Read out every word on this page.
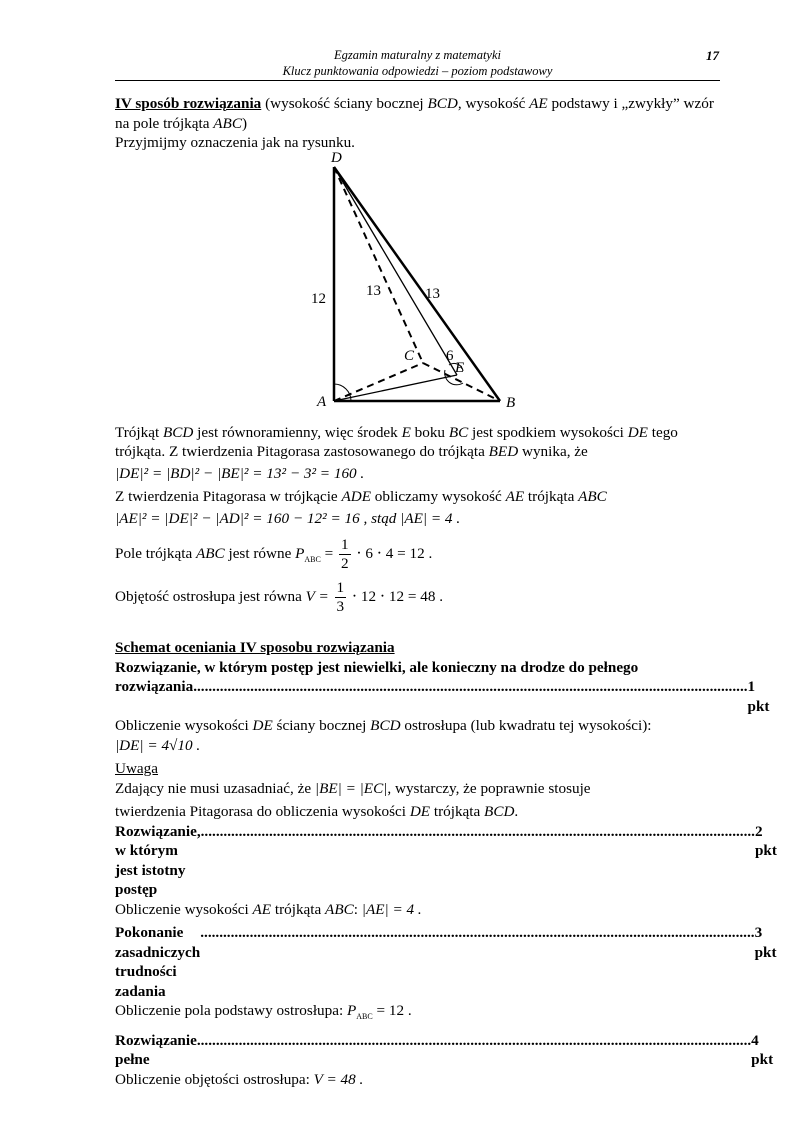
Egzamin maturalny z matematyki
Klucz punktowania odpowiedzi – poziom podstawowy
17
IV sposób rozwiązania (wysokość ściany bocznej BCD, wysokość AE podstawy i „zwykły” wzór na pole trójkąta ABC)
Przyjmijmy oznaczenia jak na rysunku.
D
A	B
C
E
12	13	13
6
Trójkąt BCD jest równoramienny, więc środek E boku BC jest spodkiem wysokości DE tego trójkąta. Z twierdzenia Pitagorasa zastosowanego do trójkąta BED wynika, że
|DE|² = |BD|² − |BE|² = 13² − 3² = 160 .
Z twierdzenia Pitagorasa w trójkącie ADE obliczamy wysokość AE trójkąta ABC
|AE|² = |DE|² − |AD|² = 160 − 12² = 16 , stąd |AE| = 4 .
Pole trójkąta ABC jest równe $P_{ABC} = \frac{1}{2} \cdot 6 \cdot 4 = 12$ .
Objętość ostrosłupa jest równa $V = \frac{1}{3} \cdot 12 \cdot 12 = 48$ .
Schemat oceniania IV sposobu rozwiązania
Rozwiązanie, w którym postęp jest niewielki, ale konieczny na drodze do pełnego
rozwiązania .................................................................................................................................................. 1 pkt
Obliczenie wysokości DE ściany bocznej BCD ostrosłupa (lub kwadratu tej wysokości):
|DE| = 4√10 .
Uwaga
Zdający nie musi uzasadniać, że |BE| = |EC|, wystarczy, że poprawnie stosuje
twierdzenia Pitagorasa do obliczenia wysokości DE trójkąta BCD.
Rozwiązanie, w którym jest istotny postęp
.................................................................................................................................................. 2 pkt
Obliczenie wysokości AE trójkąta ABC: |AE| = 4 .
Pokonanie zasadniczych trudności zadania
.................................................................................................................................................. 3 pkt
Obliczenie pola podstawy ostrosłupa: $P_{ABC} = 12$ .
Rozwiązanie pełne
.................................................................................................................................................. 4 pkt
Obliczenie objętości ostrosłupa: V = 48 .
